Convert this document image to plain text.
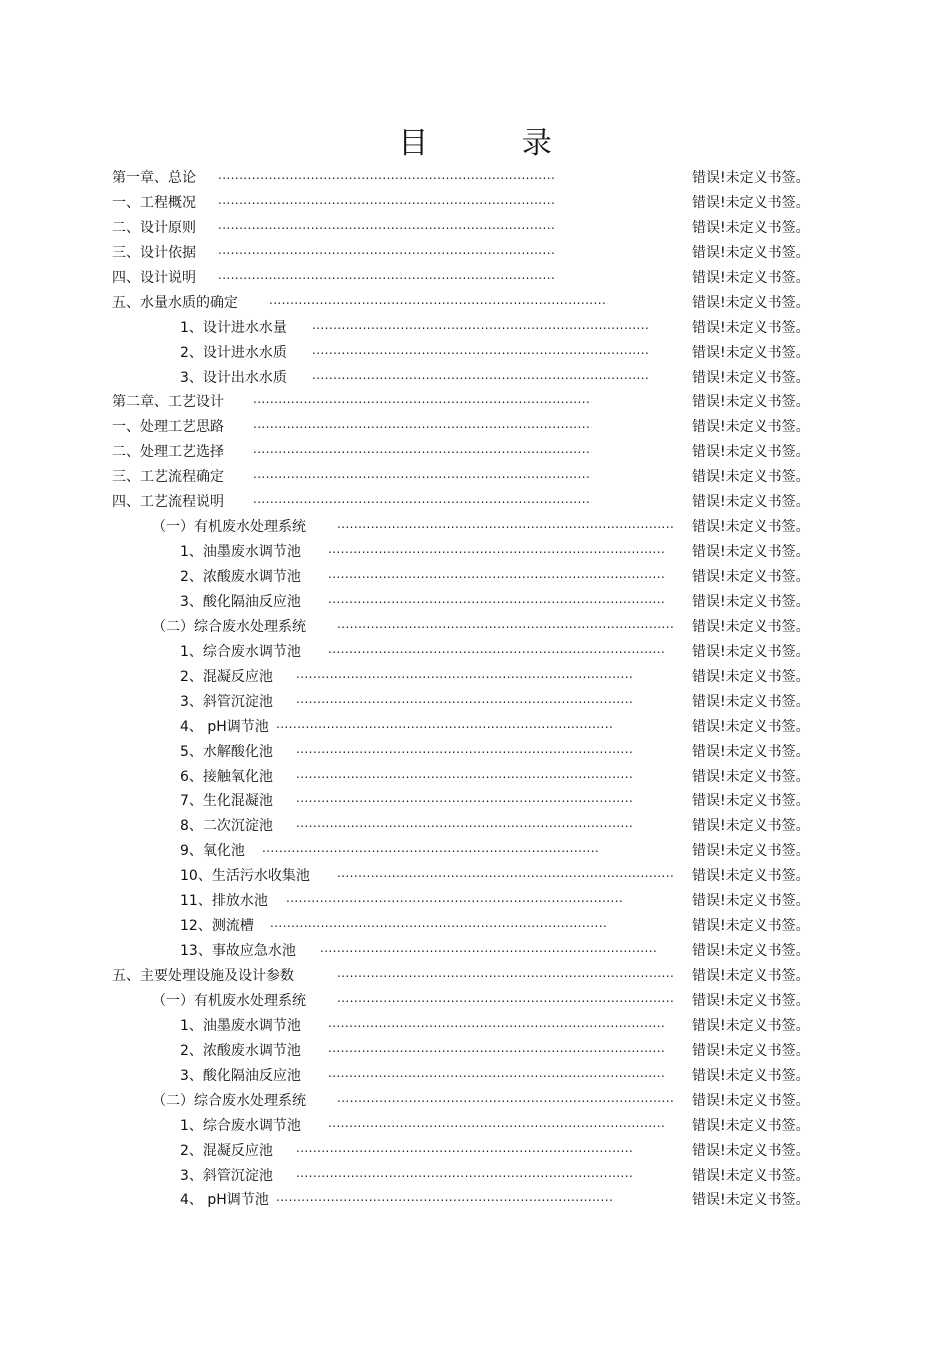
目 录
第一章、总论 ................................................................................	错误!未定义书签。
一、工程概况 ................................................................................	错误!未定义书签。
二、设计原则 ................................................................................	错误!未定义书签。
三、设计依据 ................................................................................	错误!未定义书签。
四、设计说明 ................................................................................	错误!未定义书签。
五、水量水质的确定	................................................................................	错误!未定义书签。
1、设计进水水量 ................................................................................	错误!未定义书签。
2、设计进水水质 ................................................................................	错误!未定义书签。
3、设计出水水质 ................................................................................	错误!未定义书签。
第二章、工艺设计 ................................................................................	错误!未定义书签。
一、处理工艺思路 ................................................................................	错误!未定义书签。
二、处理工艺选择 ................................................................................	错误!未定义书签。
三、工艺流程确定 ................................................................................	错误!未定义书签。
四、工艺流程说明 ................................................................................	错误!未定义书签。
（一）有机废水处理系统	................................................................................ 错误!未定义书签。
1、油墨废水调节池 ................................................................................ 错误!未定义书签。
2、浓酸废水调节池 ................................................................................ 错误!未定义书签。
3、酸化隔油反应池 ................................................................................ 错误!未定义书签。
（二）综合废水处理系统	................................................................................ 错误!未定义书签。
1、综合废水调节池 ................................................................................ 错误!未定义书签。
2、混凝反应池 ................................................................................	错误!未定义书签。
3、斜管沉淀池 ................................................................................	错误!未定义书签。
4、 pH调节池 ................................................................................	错误!未定义书签。
5、水解酸化池 ................................................................................	错误!未定义书签。
6、接触氧化池 ................................................................................	错误!未定义书签。
7、生化混凝池 ................................................................................	错误!未定义书签。
8、二次沉淀池 ................................................................................	错误!未定义书签。
9、氧化池 ................................................................................	错误!未定义书签。
10、生活污水收集池 ................................................................................ 错误!未定义书签。
11、排放水池 ................................................................................	错误!未定义书签。
12、测流槽 ................................................................................	错误!未定义书签。
13、事故应急水池 ................................................................................ 错误!未定义书签。
五、主要处理设施及设计参数	................................................................................ 错误!未定义书签。
（一）有机废水处理系统	................................................................................ 错误!未定义书签。
1、油墨废水调节池 ................................................................................ 错误!未定义书签。
2、浓酸废水调节池 ................................................................................ 错误!未定义书签。
3、酸化隔油反应池 ................................................................................ 错误!未定义书签。
（二）综合废水处理系统	................................................................................ 错误!未定义书签。
1、综合废水调节池 ................................................................................ 错误!未定义书签。
2、混凝反应池 ................................................................................	错误!未定义书签。
3、斜管沉淀池 ................................................................................	错误!未定义书签。
4、 pH调节池 ................................................................................	错误!未定义书签。
